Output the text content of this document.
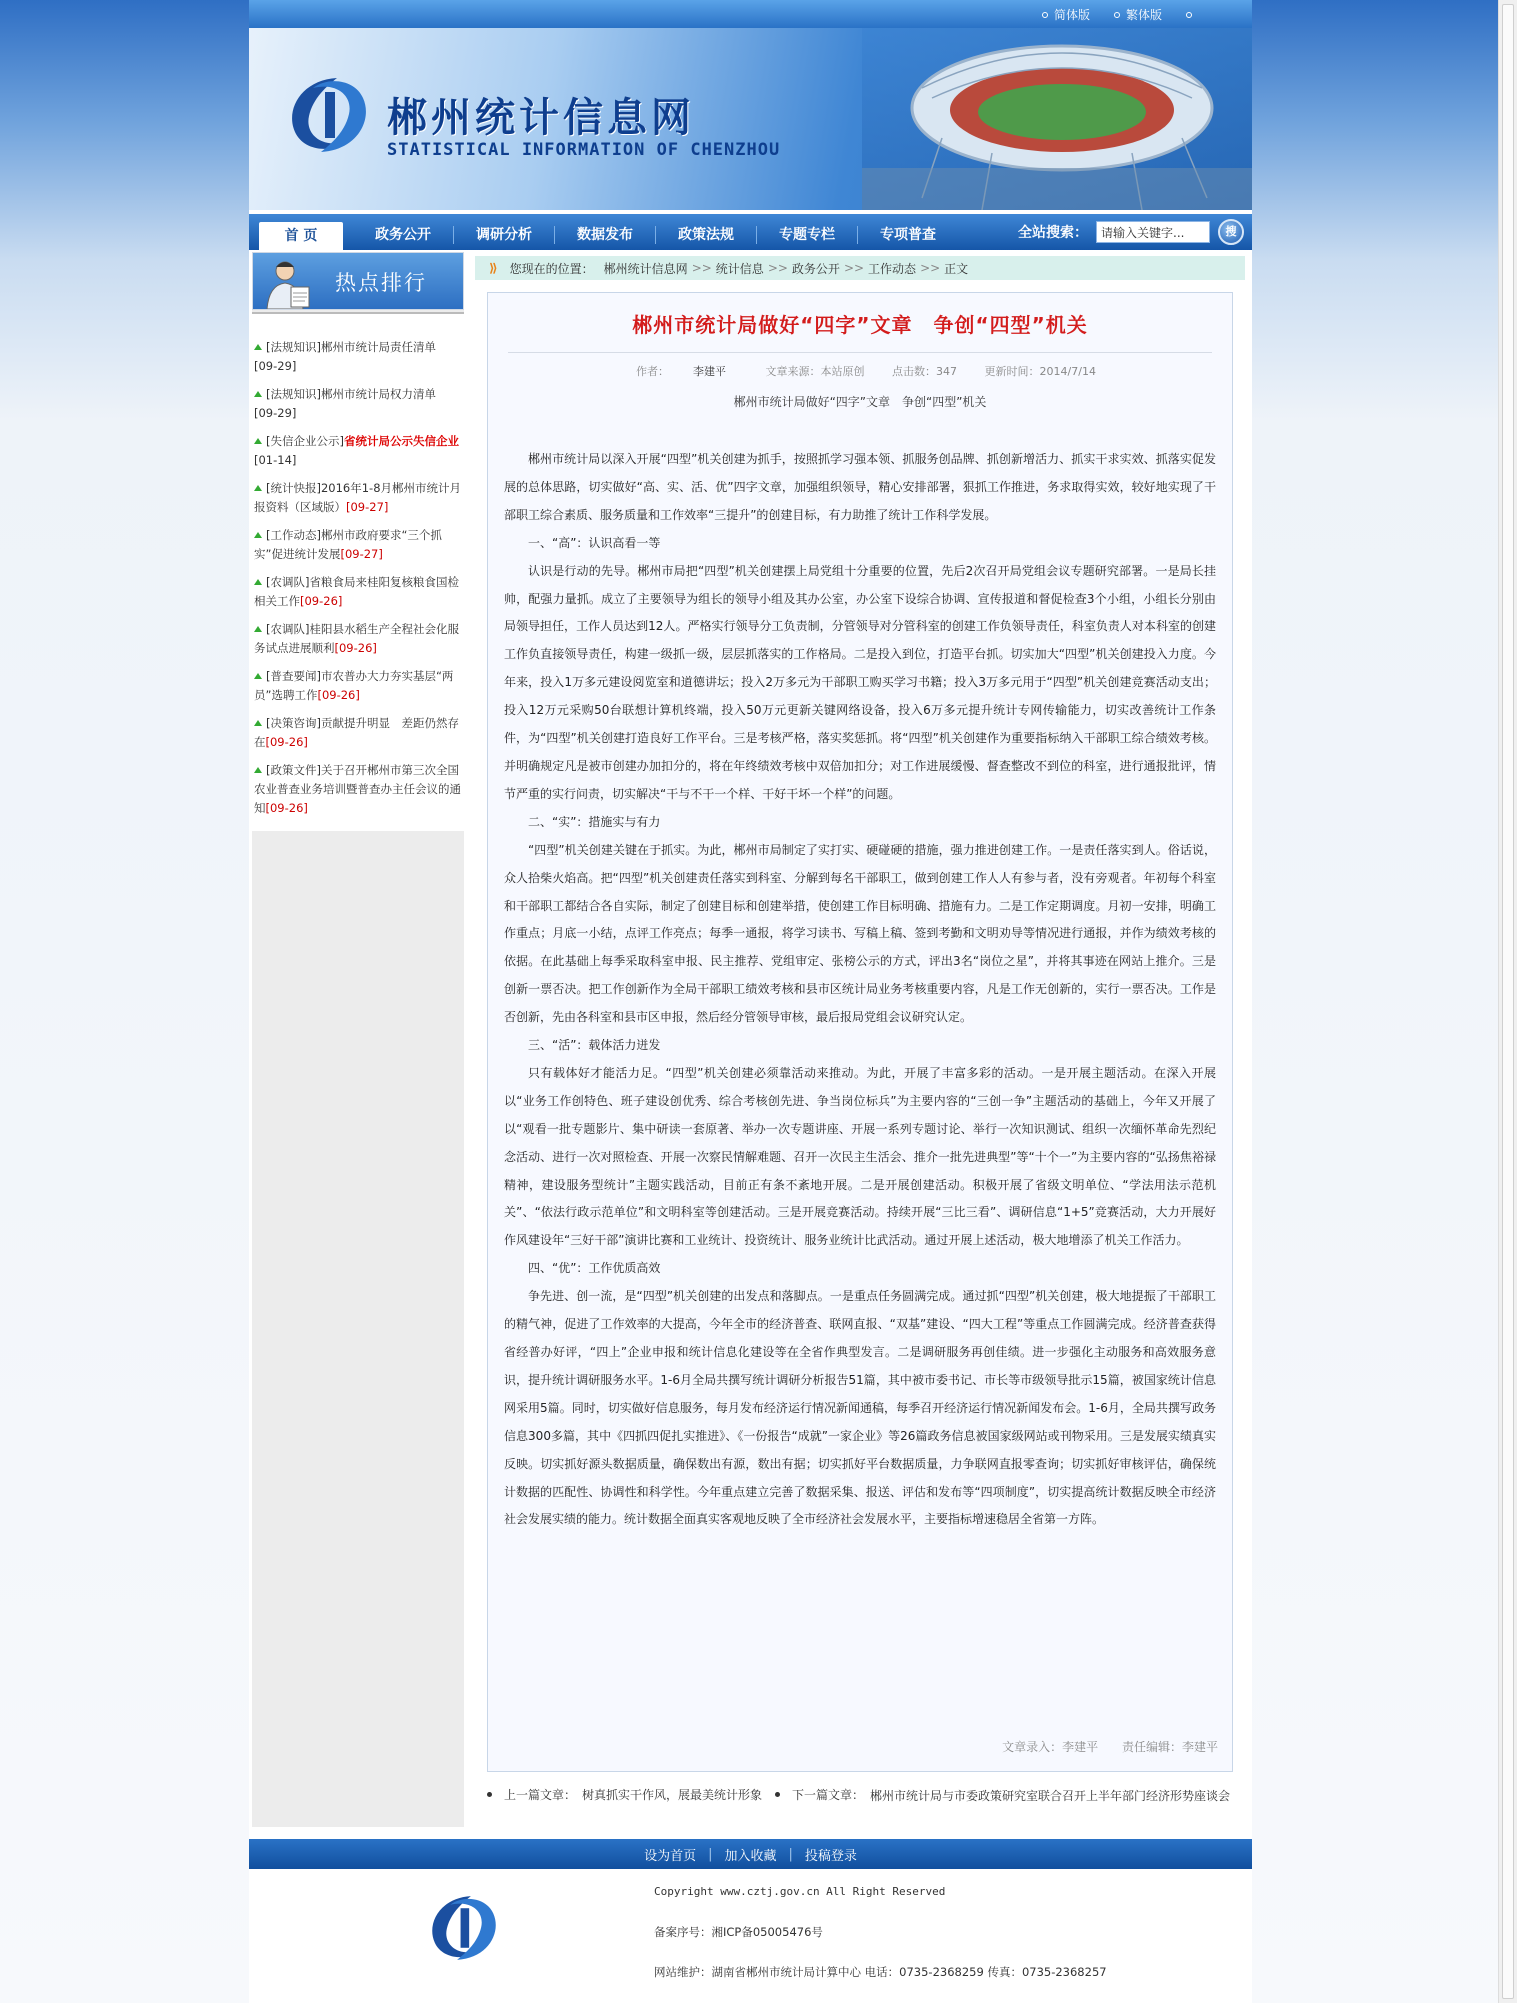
简体版	繁体版
郴州统计信息网
STATISTICAL INFORMATION OF CHENZHOU
首 页	政务公开	调研分析	数据发布	政策法规	专题专栏	专项普查	全站搜索：
请输入关键字...	搜
热点排行
[法规知识]郴州市统计局责任清单
[09-29]
[法规知识]郴州市统计局权力清单
[09-29]
[失信企业公示]省统计局公示失信企业[01-14]
[统计快报]2016年1-8月郴州市统计月报资料（区域版）[09-27]
[工作动态]郴州市政府要求“三个抓实”促进统计发展[09-27]
[农调队]省粮食局来桂阳复核粮食国检相关工作[09-26]
[农调队]桂阳县水稻生产全程社会化服务试点进展顺利[09-26]
[普查要闻]市农普办大力夯实基层“两员”选聘工作[09-26]
[决策咨询]贡献提升明显　差距仍然存在[09-26]
[政策文件]关于召开郴州市第三次全国农业普查业务培训暨普查办主任会议的通知[09-26]
⟫ 您现在的位置： 郴州统计信息网 >> 统计信息 >> 政务公开 >> 工作动态 >> 正文
郴州市统计局做好“四字”文章　争创“四型”机关
作者： 李建平	文章来源：本站原创	点击数：347	更新时间：2014/7/14
郴州市统计局做好“四字”文章　争创“四型”机关

郴州市统计局以深入开展“四型”机关创建为抓手，按照抓学习强本领、抓服务创品牌、抓创新增活力、抓实干求实效、抓落实促发展的总体思路，切实做好“高、实、活、优”四字文章，加强组织领导，精心安排部署，狠抓工作推进，务求取得实效，较好地实现了干部职工综合素质、服务质量和工作效率“三提升”的创建目标，有力助推了统计工作科学发展。

一、“高”：认识高看一等

认识是行动的先导。郴州市局把“四型”机关创建摆上局党组十分重要的位置，先后2次召开局党组会议专题研究部署。一是局长挂帅，配强力量抓。成立了主要领导为组长的领导小组及其办公室，办公室下设综合协调、宣传报道和督促检查3个小组，小组长分别由局领导担任，工作人员达到12人。严格实行领导分工负责制，分管领导对分管科室的创建工作负领导责任，科室负责人对本科室的创建工作负直接领导责任，构建一级抓一级，层层抓落实的工作格局。二是投入到位，打造平台抓。切实加大“四型”机关创建投入力度。今年来，投入1万多元建设阅览室和道德讲坛；投入2万多元为干部职工购买学习书籍；投入3万多元用于“四型”机关创建竞赛活动支出；投入12万元采购50台联想计算机终端，投入50万元更新关键网络设备，投入6万多元提升统计专网传输能力，切实改善统计工作条件，为“四型”机关创建打造良好工作平台。三是考核严格，落实奖惩抓。将“四型”机关创建作为重要指标纳入干部职工综合绩效考核。并明确规定凡是被市创建办加扣分的，将在年终绩效考核中双倍加扣分；对工作进展缓慢、督查整改不到位的科室，进行通报批评，情节严重的实行问责，切实解决“干与不干一个样、干好干坏一个样”的问题。

二、“实”：措施实与有力

“四型”机关创建关键在于抓实。为此，郴州市局制定了实打实、硬碰硬的措施，强力推进创建工作。一是责任落实到人。俗话说，众人拾柴火焰高。把“四型”机关创建责任落实到科室、分解到每名干部职工，做到创建工作人人有参与者，没有旁观者。年初每个科室和干部职工都结合各自实际，制定了创建目标和创建举措，使创建工作目标明确、措施有力。二是工作定期调度。月初一安排，明确工作重点；月底一小结，点评工作亮点；每季一通报，将学习读书、写稿上稿、签到考勤和文明劝导等情况进行通报，并作为绩效考核的依据。在此基础上每季采取科室申报、民主推荐、党组审定、张榜公示的方式，评出3名“岗位之星”，并将其事迹在网站上推介。三是创新一票否决。把工作创新作为全局干部职工绩效考核和县市区统计局业务考核重要内容，凡是工作无创新的，实行一票否决。工作是否创新，先由各科室和县市区申报，然后经分管领导审核，最后报局党组会议研究认定。

三、“活”：载体活力迸发

只有载体好才能活力足。“四型”机关创建必须靠活动来推动。为此，开展了丰富多彩的活动。一是开展主题活动。在深入开展以“业务工作创特色、班子建设创优秀、综合考核创先进、争当岗位标兵”为主要内容的“三创一争”主题活动的基础上，今年又开展了以“观看一批专题影片、集中研读一套原著、举办一次专题讲座、开展一系列专题讨论、举行一次知识测试、组织一次缅怀革命先烈纪念活动、进行一次对照检查、开展一次察民情解难题、召开一次民主生活会、推介一批先进典型”等“十个一”为主要内容的“弘扬焦裕禄精神，建设服务型统计”主题实践活动，目前正有条不紊地开展。二是开展创建活动。积极开展了省级文明单位、“学法用法示范机关”、“依法行政示范单位”和文明科室等创建活动。三是开展竞赛活动。持续开展“三比三看”、调研信息“1+5”竞赛活动，大力开展好作风建设年“三好干部”演讲比赛和工业统计、投资统计、服务业统计比武活动。通过开展上述活动，极大地增添了机关工作活力。

四、“优”：工作优质高效

争先进、创一流，是“四型”机关创建的出发点和落脚点。一是重点任务圆满完成。通过抓“四型”机关创建，极大地提振了干部职工的精气神，促进了工作效率的大提高，今年全市的经济普查、联网直报、“双基”建设、“四大工程”等重点工作圆满完成。经济普查获得省经普办好评，“四上”企业申报和统计信息化建设等在全省作典型发言。二是调研服务再创佳绩。进一步强化主动服务和高效服务意识，提升统计调研服务水平。1-6月全局共撰写统计调研分析报告51篇，其中被市委书记、市长等市级领导批示15篇，被国家统计信息网采用5篇。同时，切实做好信息服务，每月发布经济运行情况新闻通稿，每季召开经济运行情况新闻发布会。1-6月，全局共撰写政务信息300多篇，其中《四抓四促扎实推进》、《一份报告“成就”一家企业》等26篇政务信息被国家级网站或刊物采用。三是发展实绩真实反映。切实抓好源头数据质量，确保数出有源，数出有据；切实抓好平台数据质量，力争联网直报零查询；切实抓好审核评估，确保统计数据的匹配性、协调性和科学性。今年重点建立完善了数据采集、报送、评估和发布等“四项制度”，切实提高统计数据反映全市经济社会发展实绩的能力。统计数据全面真实客观地反映了全市经济社会发展水平，主要指标增速稳居全省第一方阵。

文章录入：李建平 责任编辑：李建平
上一篇文章： 树真抓实干作风，展最美统计形象 下一篇文章： 郴州市统计局与市委政策研究室联合召开上半年部门经济形势座谈会
设为首页 | 加入收藏 | 投稿登录
Copyright www.cztj.gov.cn All Right Reserved
备案序号：湘ICP备05005476号
网站维护：湖南省郴州市统计局计算中心 电话：0735-2368259 传真：0735-2368257
